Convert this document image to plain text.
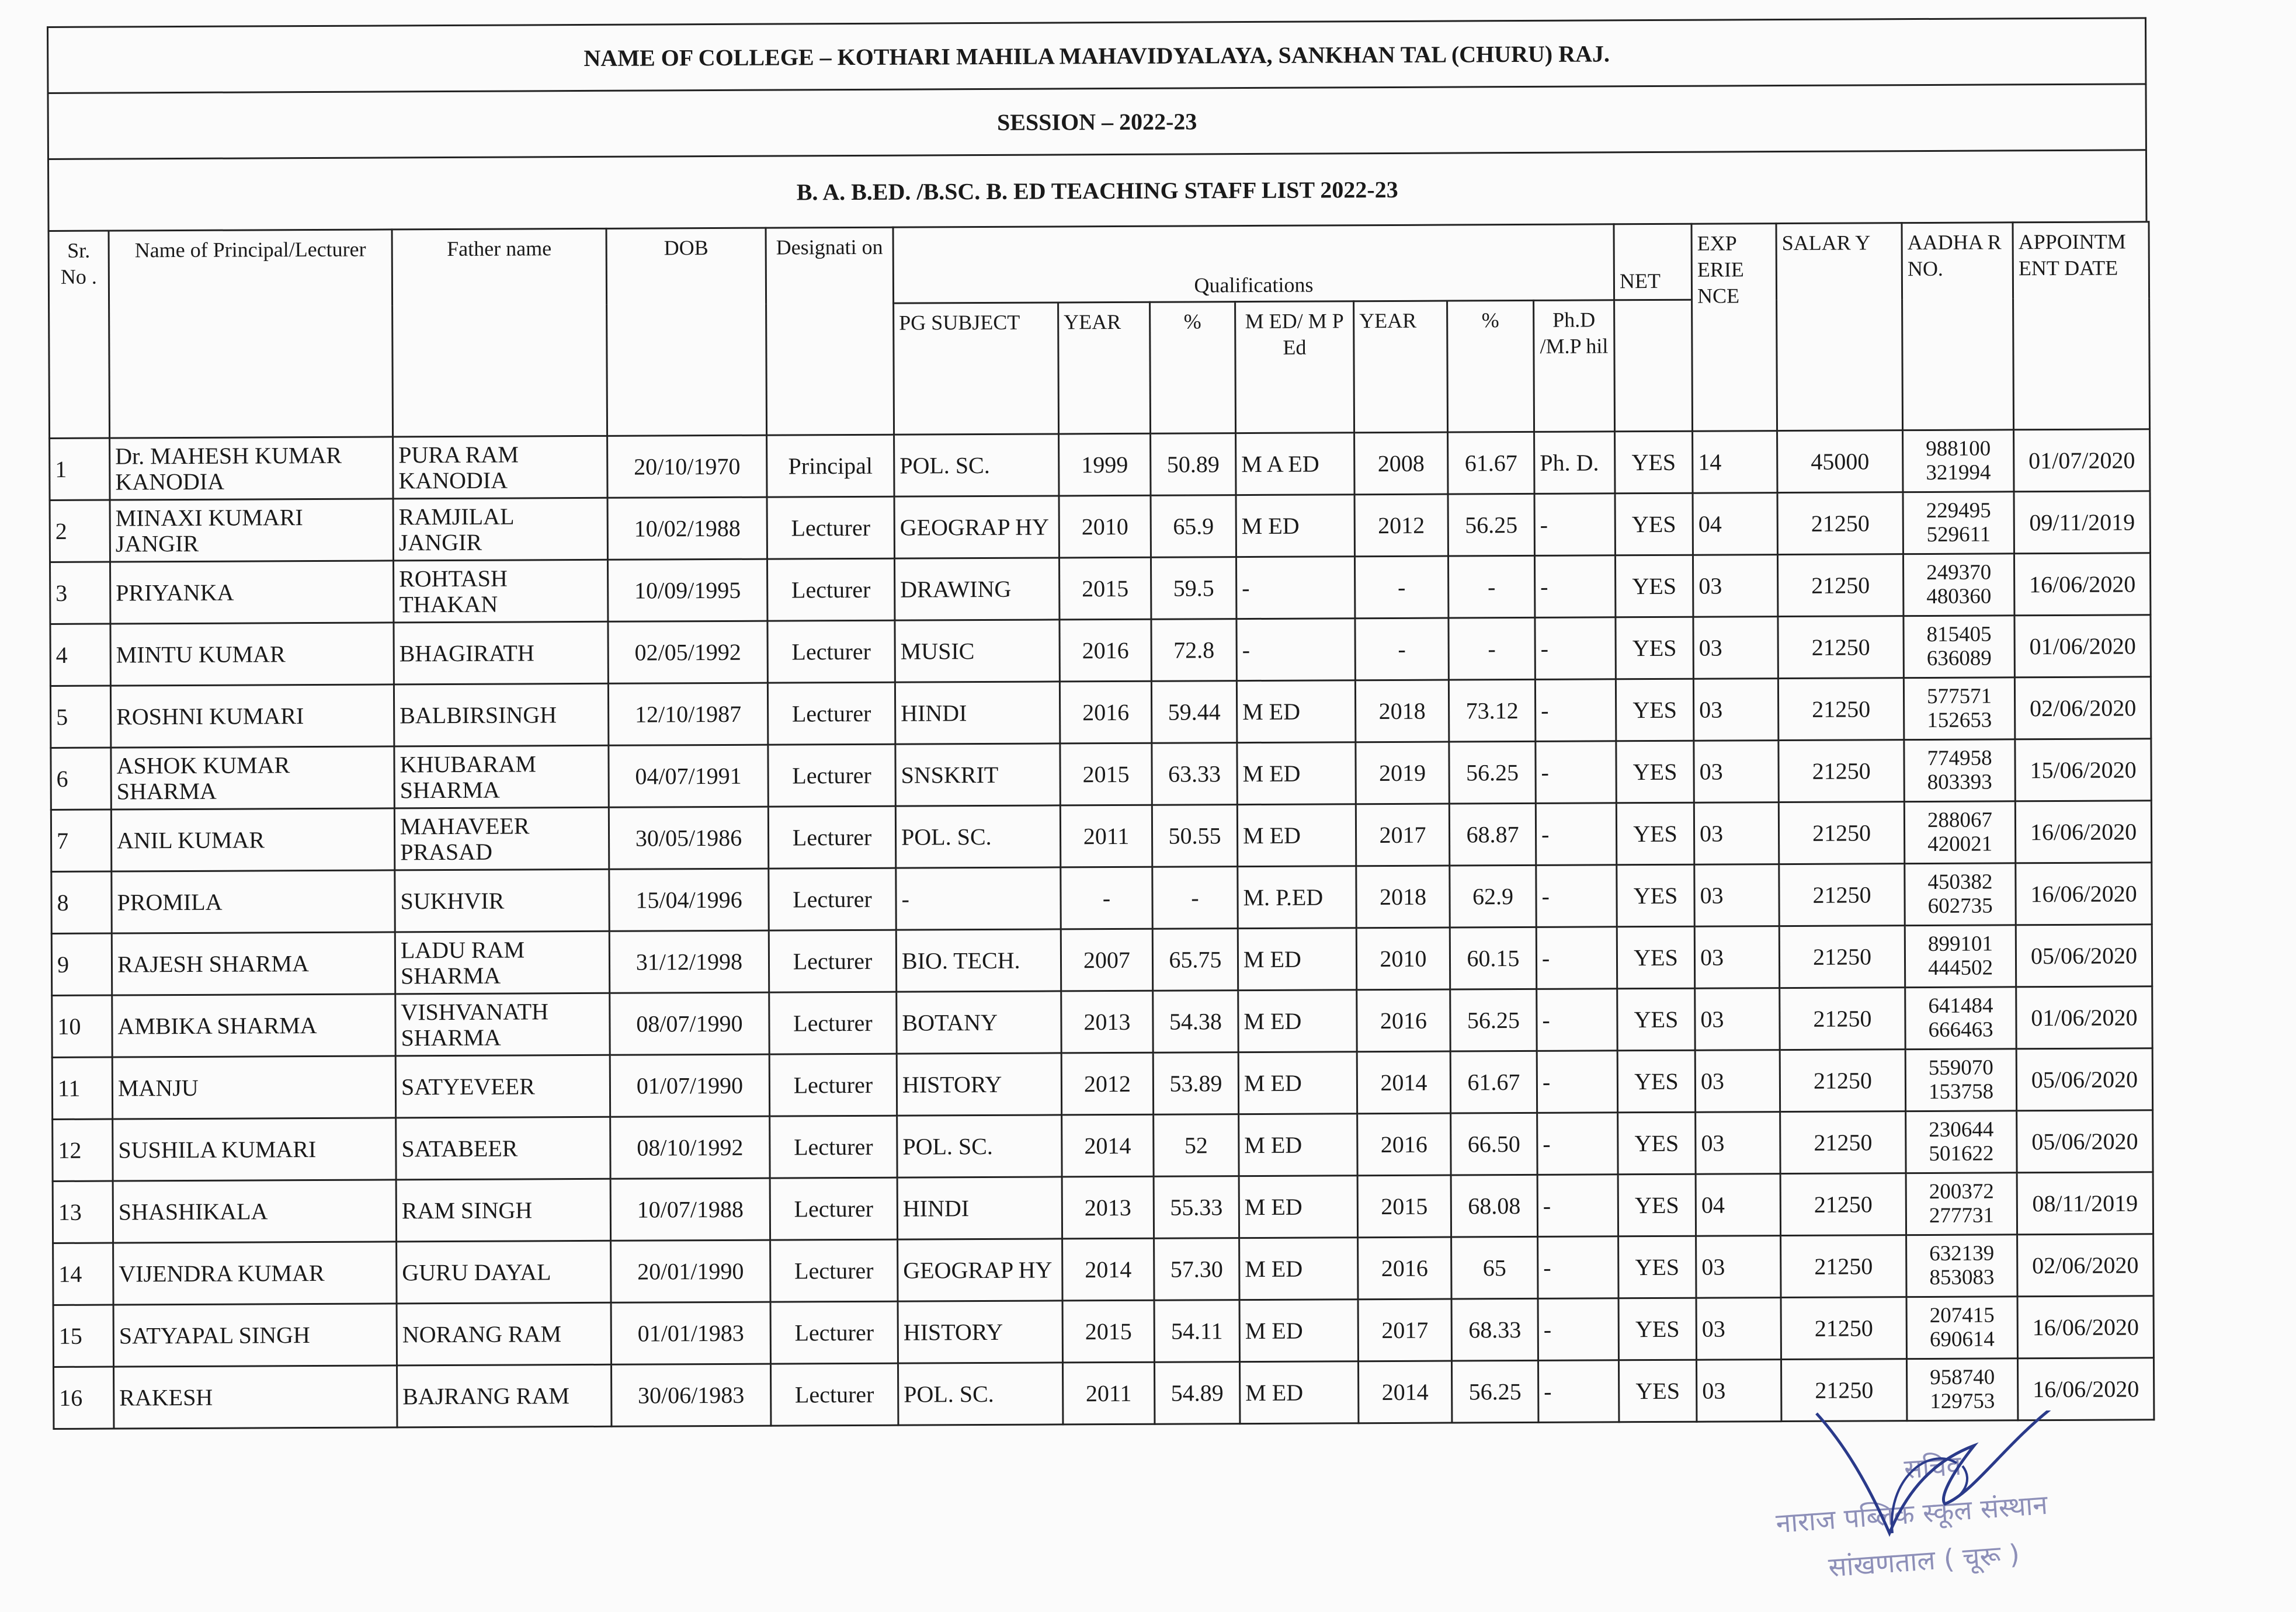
NAME OF COLLEGE – KOTHARI MAHILA MAHAVIDYALAYA, SANKHAN TAL (CHURU) RAJ.
SESSION – 2022-23
B. A. B.ED. /B.SC. B. ED TEACHING STAFF LIST 2022-23
Sr. No .	Name of Principal/Lecturer	Father name	DOB	Designati on	Qualifications							NET	EXP ERIE NCE	SALAR Y	AADHA R NO.	APPOINTM ENT DATE
					PG SUBJECT	YEAR	%	M ED/ M P Ed	YEAR	%	Ph.D /M.P hil					
1	Dr. MAHESH KUMAR KANODIA	PURA RAM KANODIA	20/10/1970	Principal	POL. SC.	1999	50.89	M A ED	2008	61.67	Ph. D.	YES	14	45000	988100 321994	01/07/2020
2	MINAXI KUMARI JANGIR	RAMJILAL JANGIR	10/02/1988	Lecturer	GEOGRAP HY	2010	65.9	M ED	2012	56.25	-	YES	04	21250	229495 529611	09/11/2019
3	PRIYANKA	ROHTASH THAKAN	10/09/1995	Lecturer	DRAWING	2015	59.5	-	-	-	-	YES	03	21250	249370 480360	16/06/2020
4	MINTU KUMAR	BHAGIRATH	02/05/1992	Lecturer	MUSIC	2016	72.8	-	-	-	-	YES	03	21250	815405 636089	01/06/2020
5	ROSHNI KUMARI	BALBIRSINGH	12/10/1987	Lecturer	HINDI	2016	59.44	M ED	2018	73.12	-	YES	03	21250	577571 152653	02/06/2020
6	ASHOK KUMAR SHARMA	KHUBARAM SHARMA	04/07/1991	Lecturer	SNSKRIT	2015	63.33	M ED	2019	56.25	-	YES	03	21250	774958 803393	15/06/2020
7	ANIL KUMAR	MAHAVEER PRASAD	30/05/1986	Lecturer	POL. SC.	2011	50.55	M ED	2017	68.87	-	YES	03	21250	288067 420021	16/06/2020
8	PROMILA	SUKHVIR	15/04/1996	Lecturer	-	-	-	M. P.ED	2018	62.9	-	YES	03	21250	450382 602735	16/06/2020
9	RAJESH SHARMA	LADU RAM SHARMA	31/12/1998	Lecturer	BIO. TECH.	2007	65.75	M ED	2010	60.15	-	YES	03	21250	899101 444502	05/06/2020
10	AMBIKA SHARMA	VISHVANATH SHARMA	08/07/1990	Lecturer	BOTANY	2013	54.38	M ED	2016	56.25	-	YES	03	21250	641484 666463	01/06/2020
11	MANJU	SATYEVEER	01/07/1990	Lecturer	HISTORY	2012	53.89	M ED	2014	61.67	-	YES	03	21250	559070 153758	05/06/2020
12	SUSHILA KUMARI	SATABEER	08/10/1992	Lecturer	POL. SC.	2014	52	M ED	2016	66.50	-	YES	03	21250	230644 501622	05/06/2020
13	SHASHIKALA	RAM SINGH	10/07/1988	Lecturer	HINDI	2013	55.33	M ED	2015	68.08	-	YES	04	21250	200372 277731	08/11/2019
14	VIJENDRA KUMAR	GURU DAYAL	20/01/1990	Lecturer	GEOGRAP HY	2014	57.30	M ED	2016	65	-	YES	03	21250	632139 853083	02/06/2020
15	SATYAPAL SINGH	NORANG RAM	01/01/1983	Lecturer	HISTORY	2015	54.11	M ED	2017	68.33	-	YES	03	21250	207415 690614	16/06/2020
16	RAKESH	BAJRANG RAM	30/06/1983	Lecturer	POL. SC.	2011	54.89	M ED	2014	56.25	-	YES	03	21250	958740 129753	16/06/2020
सचिव
नाराज पब्लिक स्कूल संस्थान
सांखणताल ( चूरू )
